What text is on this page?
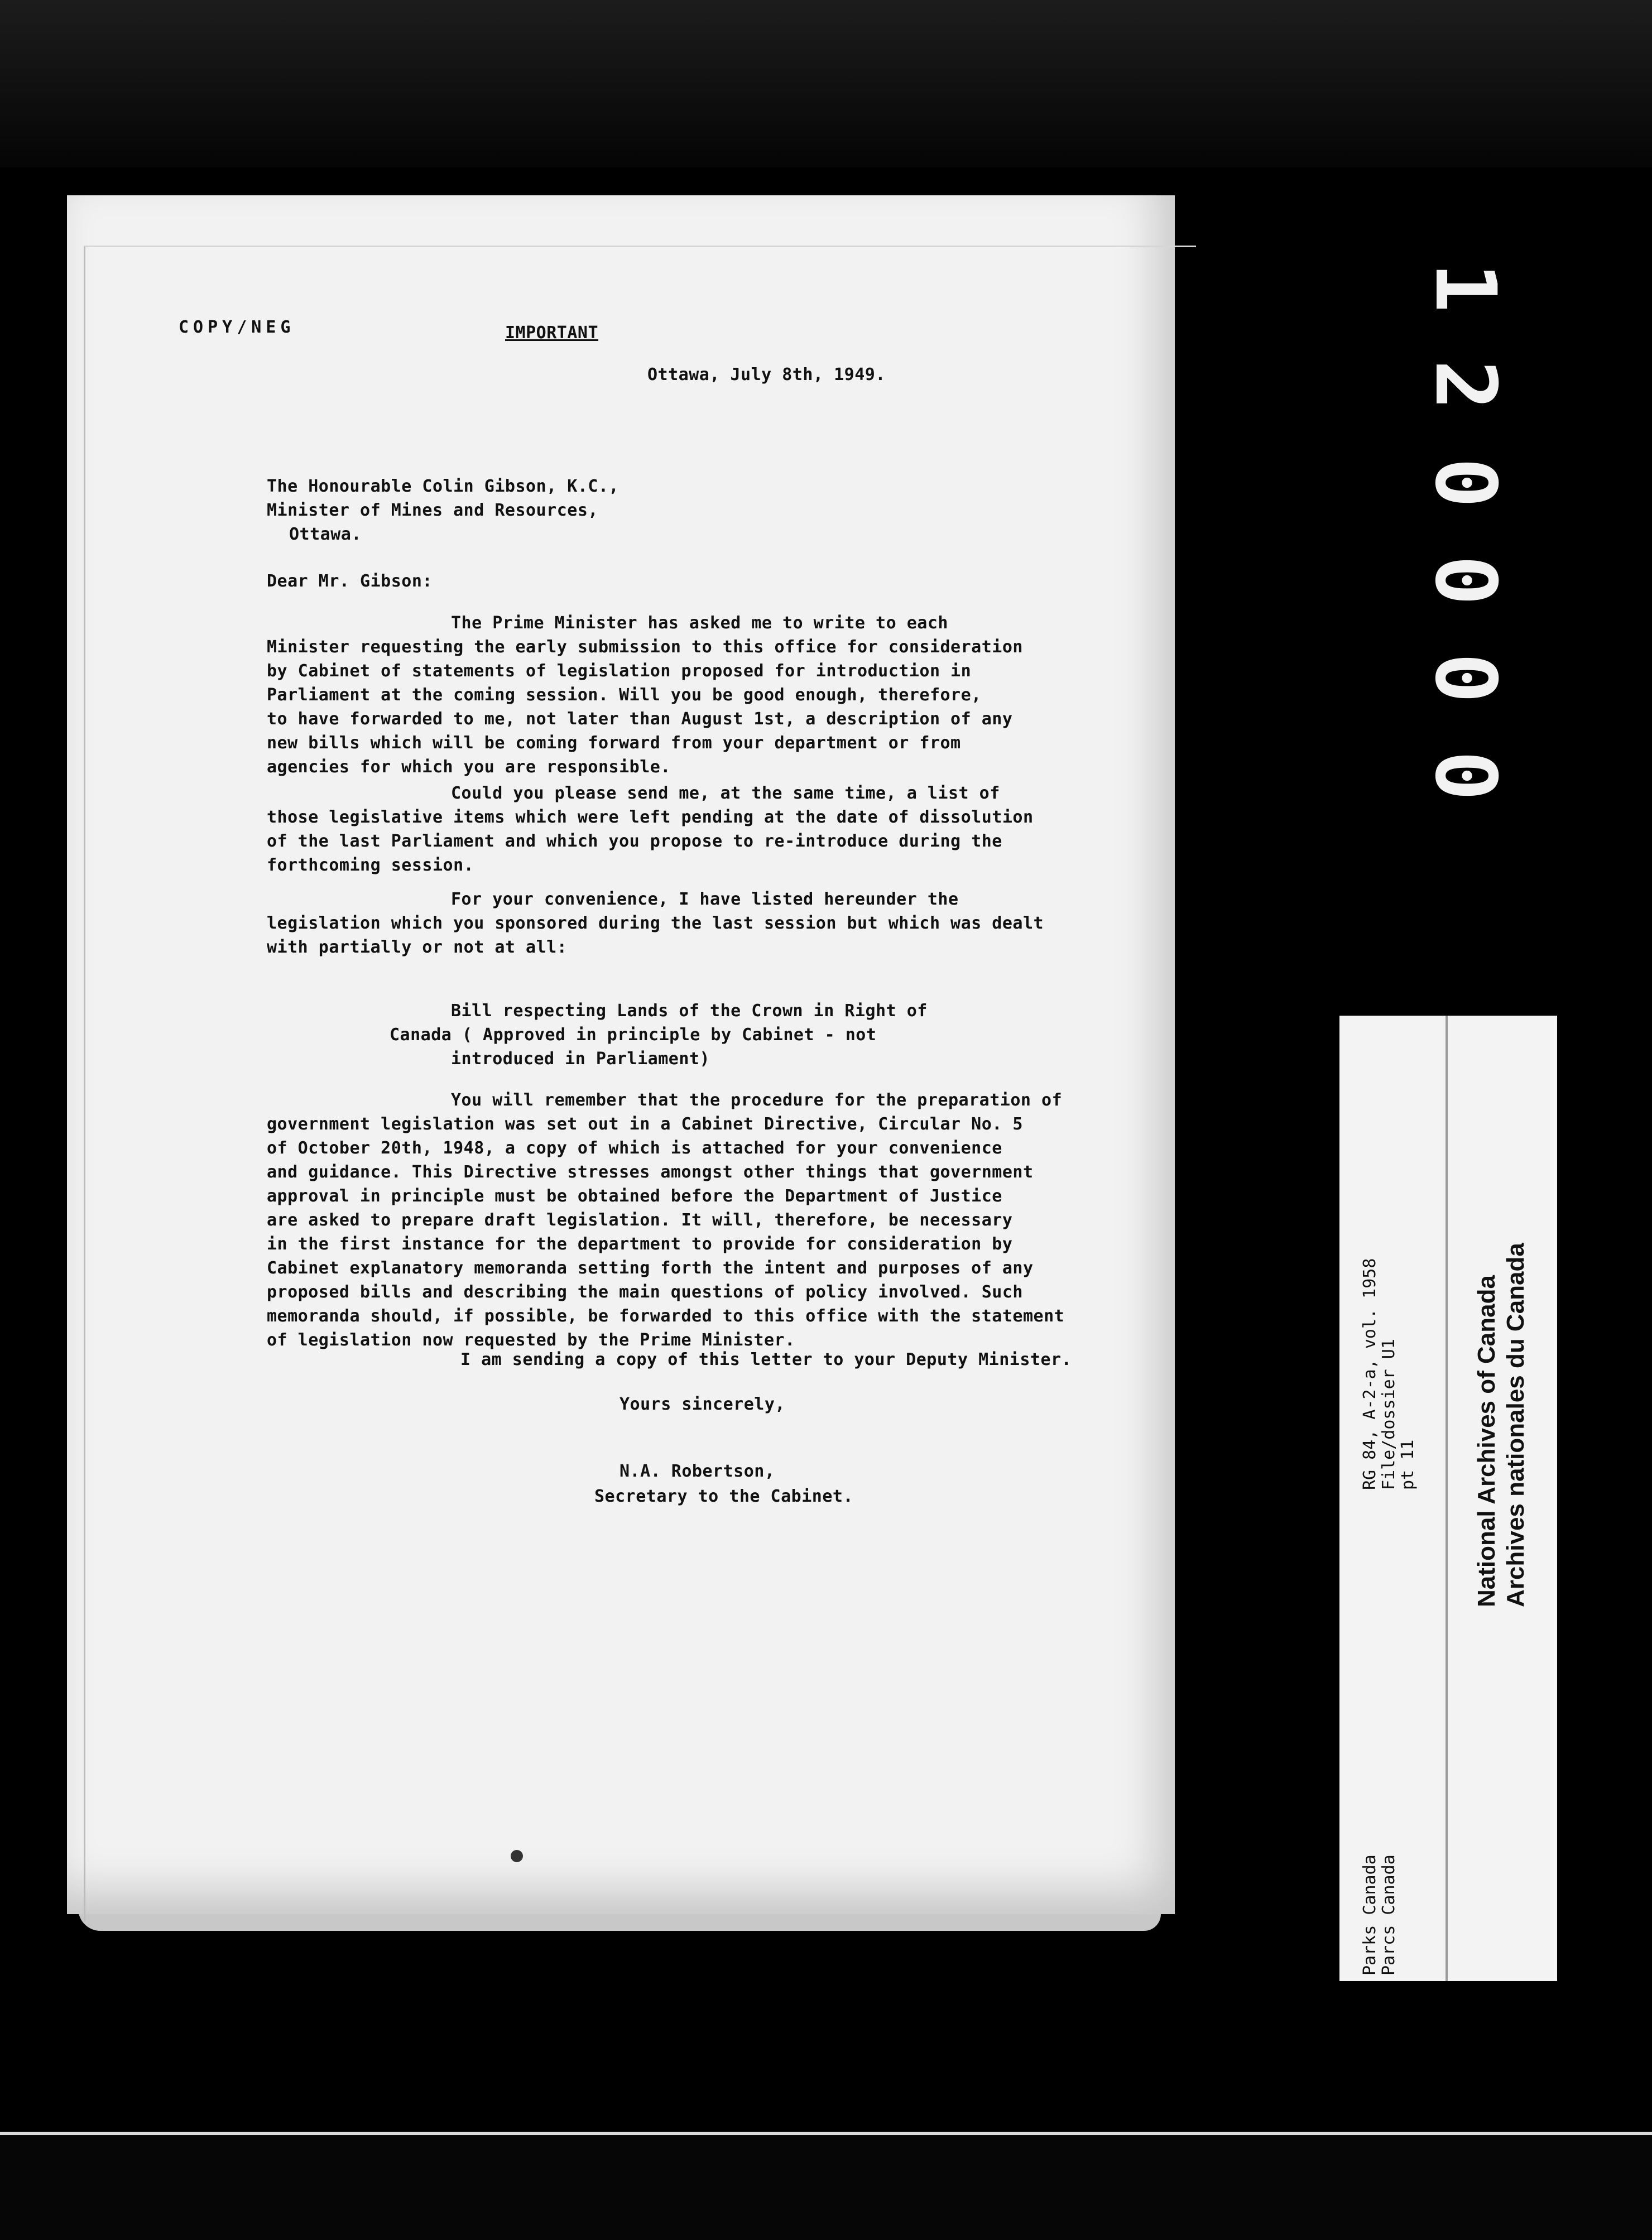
COPY/NEG	IMPORTANT
Ottawa, July 8th, 1949.
The Honourable Colin Gibson, K.C.,
Minister of Mines and Resources,
Ottawa.
Dear Mr. Gibson:
The Prime Minister has asked me to write to each
Minister requesting the early submission to this office for consideration
by Cabinet of statements of legislation proposed for introduction in
Parliament at the coming session. Will you be good enough, therefore,
to have forwarded to me, not later than August 1st, a description of any
new bills which will be coming forward from your department or from
agencies for which you are responsible.
Could you please send me, at the same time, a list of
those legislative items which were left pending at the date of dissolution
of the last Parliament and which you propose to re-introduce during the
forthcoming session.
For your convenience, I have listed hereunder the
legislation which you sponsored during the last session but which was dealt
with partially or not at all:
Bill respecting Lands of the Crown in Right of
Canada ( Approved in principle by Cabinet - not
introduced in Parliament)
You will remember that the procedure for the preparation of
government legislation was set out in a Cabinet Directive, Circular No. 5
of October 20th, 1948, a copy of which is attached for your convenience
and guidance. This Directive stresses amongst other things that government
approval in principle must be obtained before the Department of Justice
are asked to prepare draft legislation. It will, therefore, be necessary
in the first instance for the department to provide for consideration by
Cabinet explanatory memoranda setting forth the intent and purposes of any
proposed bills and describing the main questions of policy involved. Such
memoranda should, if possible, be forwarded to this office with the statement
of legislation now requested by the Prime Minister.
I am sending a copy of this letter to your Deputy Minister.
Yours sincerely,
N.A. Robertson,
Secretary to the Cabinet.
1
2
0
0
0
0
RG 84, A-2-a, vol. 1958 File/dossier U1 pt 11
Parks Canada Parcs Canada
National Archives of Canada Archives nationales du Canada
